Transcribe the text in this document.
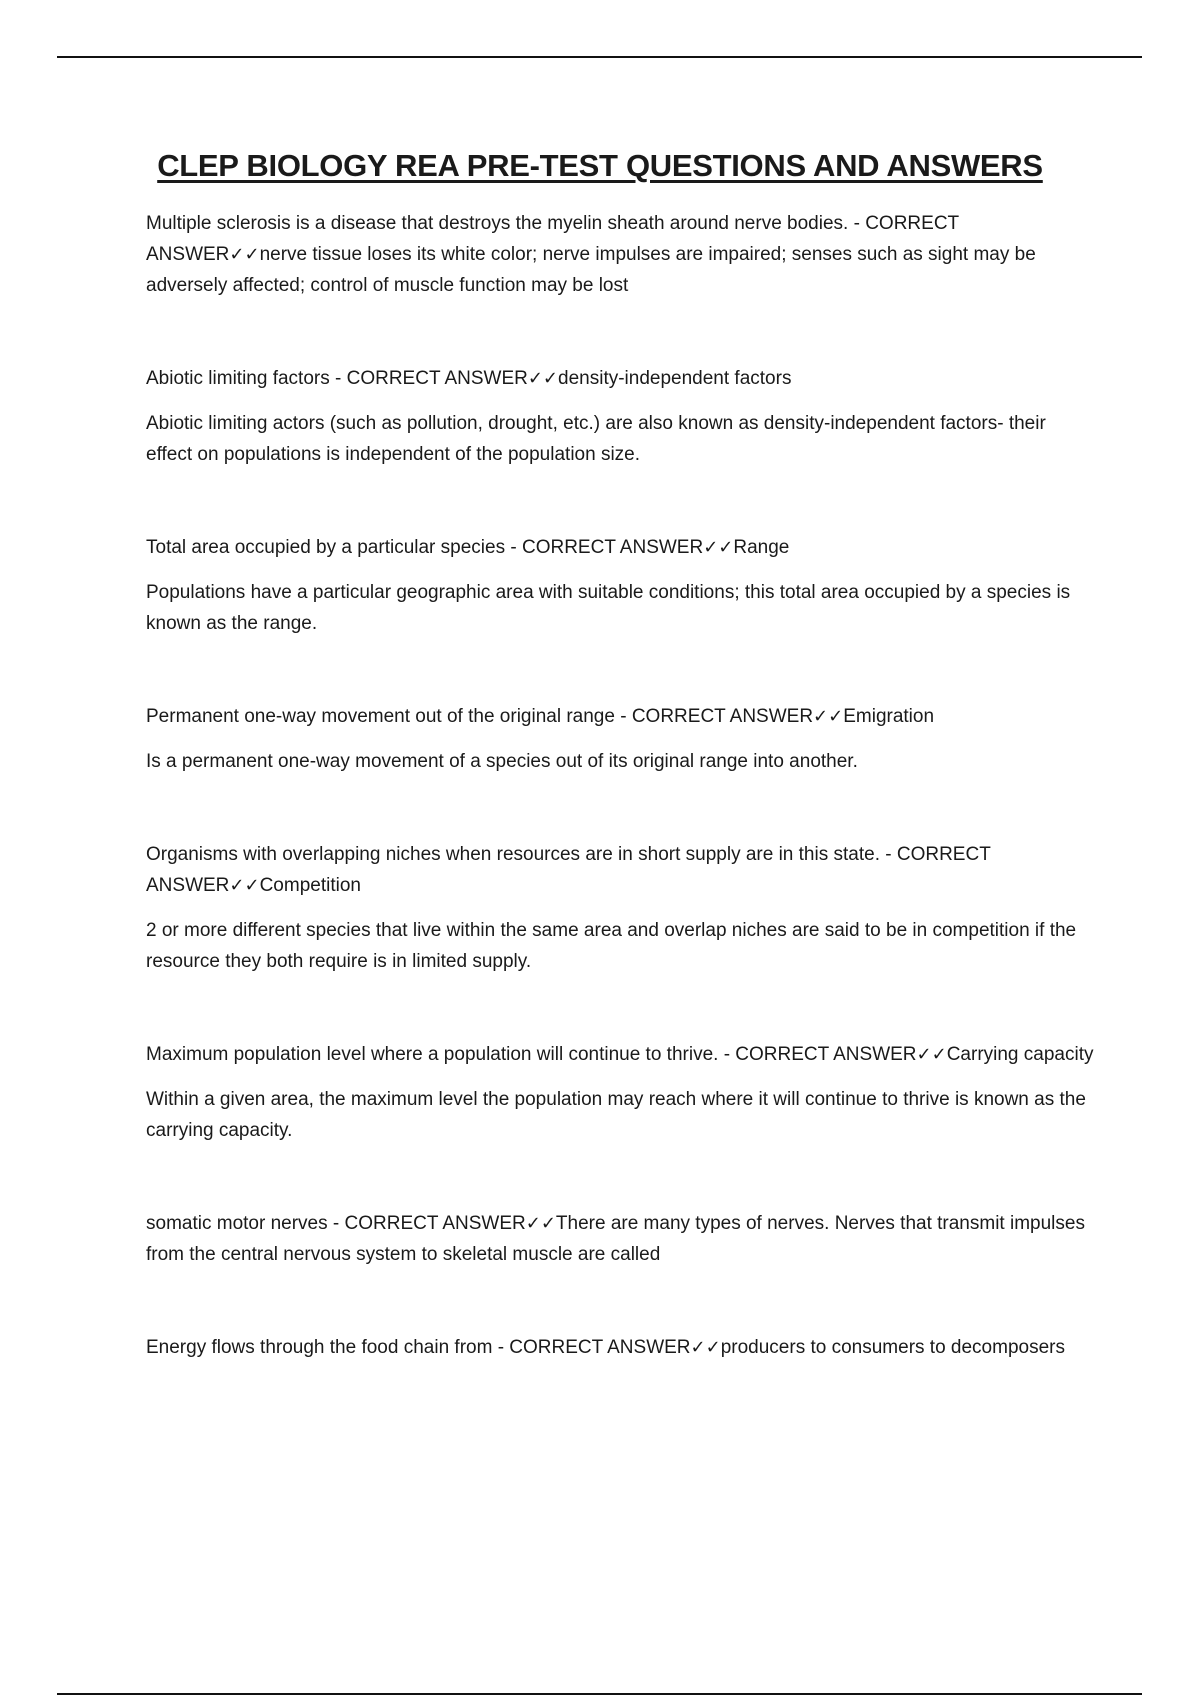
CLEP BIOLOGY REA PRE-TEST QUESTIONS AND ANSWERS

Multiple sclerosis is a disease that destroys the myelin sheath around nerve bodies. - CORRECT ANSWER✓✓nerve tissue loses its white color; nerve impulses are impaired; senses such as sight may be adversely affected; control of muscle function may be lost

Abiotic limiting factors - CORRECT ANSWER✓✓density-independent factors

Abiotic limiting actors (such as pollution, drought, etc.) are also known as density-independent factors- their effect on populations is independent of the population size.

Total area occupied by a particular species - CORRECT ANSWER✓✓Range

Populations have a particular geographic area with suitable conditions; this total area occupied by a species is known as the range.

Permanent one-way movement out of the original range - CORRECT ANSWER✓✓Emigration

Is a permanent one-way movement of a species out of its original range into another.

Organisms with overlapping niches when resources are in short supply are in this state. - CORRECT ANSWER✓✓Competition

2 or more different species that live within the same area and overlap niches are said to be in competition if the resource they both require is in limited supply.

Maximum population level where a population will continue to thrive. - CORRECT ANSWER✓✓Carrying capacity

Within a given area, the maximum level the population may reach where it will continue to thrive is known as the carrying capacity.

somatic motor nerves - CORRECT ANSWER✓✓There are many types of nerves. Nerves that transmit impulses from the central nervous system to skeletal muscle are called

Energy flows through the food chain from - CORRECT ANSWER✓✓producers to consumers to decomposers
